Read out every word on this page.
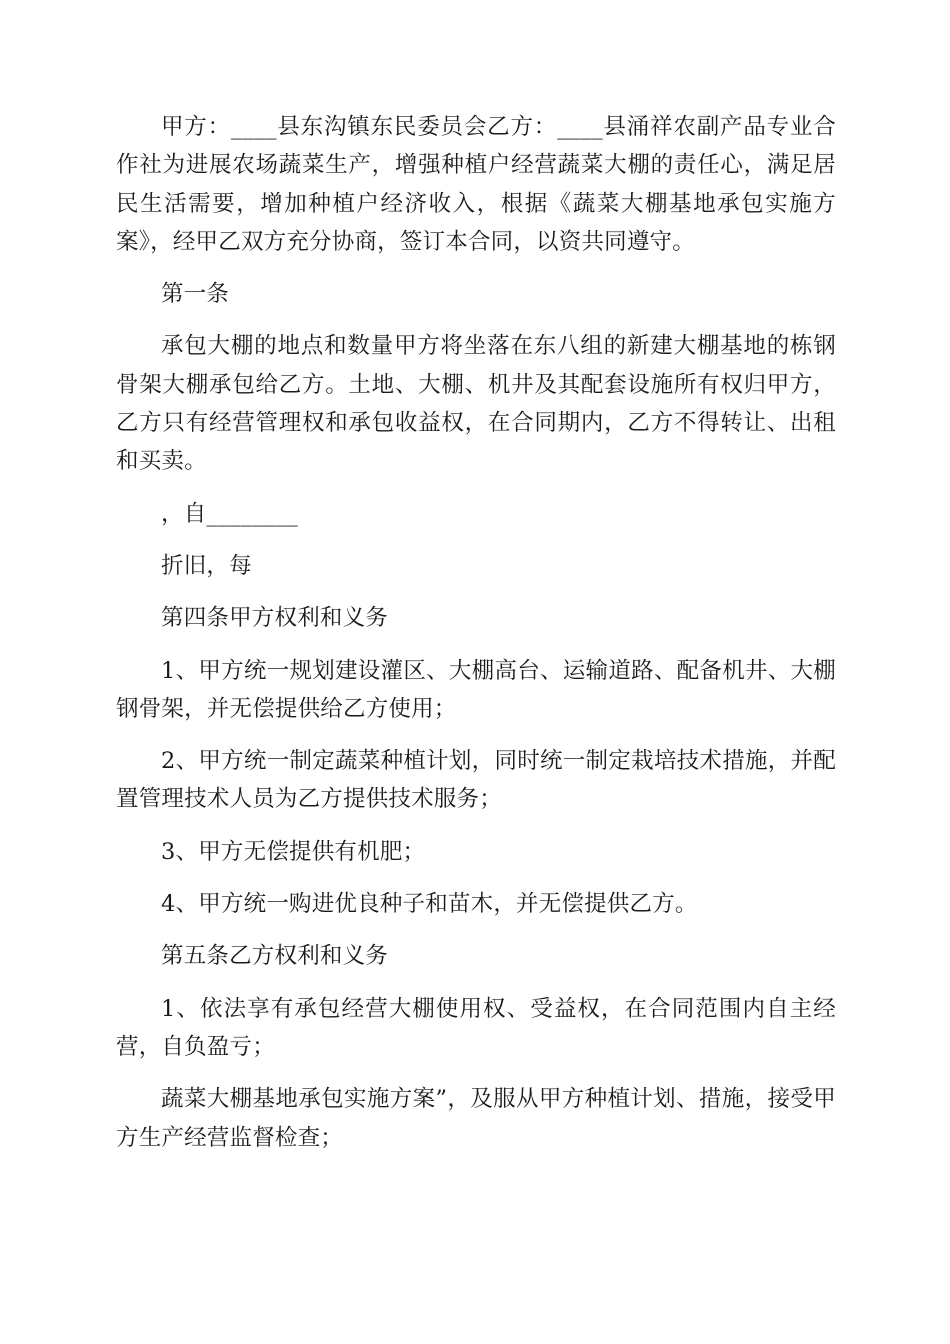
甲方：____县东沟镇东民委员会乙方：____县涌祥农副产品专业合作社为进展农场蔬菜生产，增强种植户经营蔬菜大棚的责任心，满足居民生活需要，增加种植户经济收入，根据《蔬菜大棚基地承包实施方案》，经甲乙双方充分协商，签订本合同，以资共同遵守。

第一条

承包大棚的地点和数量甲方将坐落在东八组的新建大棚基地的栋钢骨架大棚承包给乙方。土地、大棚、机井及其配套设施所有权归甲方，乙方只有经营管理权和承包收益权，在合同期内，乙方不得转让、出租和买卖。

，自________

折旧，每

第四条甲方权利和义务

1、甲方统一规划建设灌区、大棚高台、运输道路、配备机井、大棚钢骨架，并无偿提供给乙方使用；

2、甲方统一制定蔬菜种植计划，同时统一制定栽培技术措施，并配置管理技术人员为乙方提供技术服务；

3、甲方无偿提供有机肥；

4、甲方统一购进优良种子和苗木，并无偿提供乙方。

第五条乙方权利和义务

1、依法享有承包经营大棚使用权、受益权，在合同范围内自主经营，自负盈亏；

蔬菜大棚基地承包实施方案”，及服从甲方种植计划、措施，接受甲方生产经营监督检查；
